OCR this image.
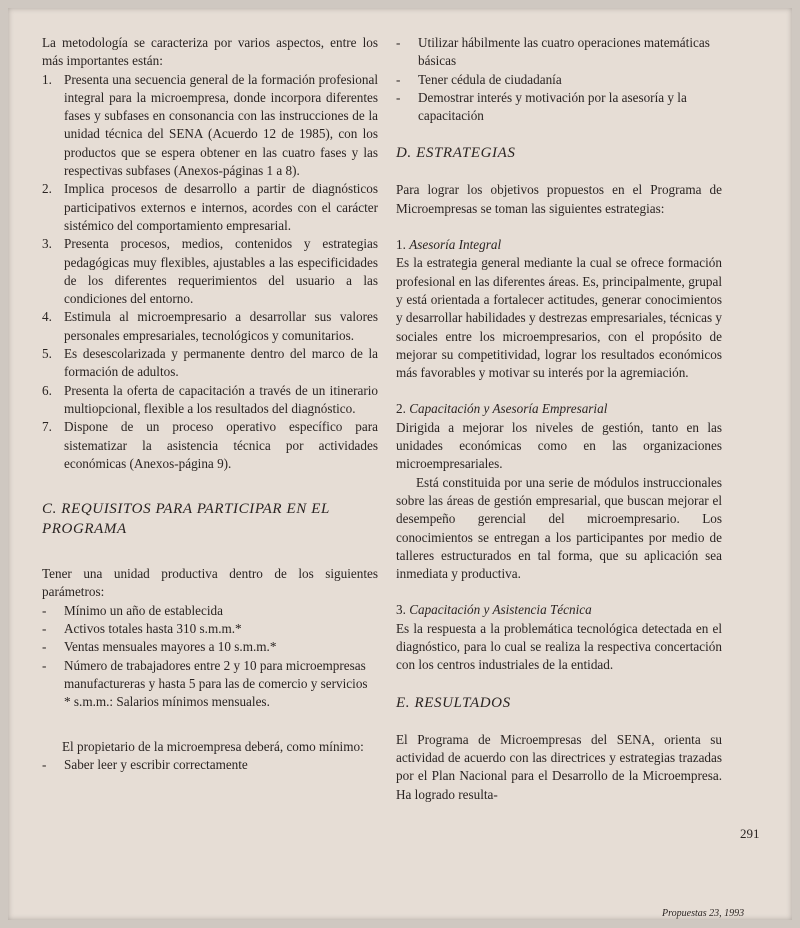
La metodología se caracteriza por varios aspectos, entre los más importantes están:

1. Presenta una secuencia general de la formación profesional integral para la microempresa, donde incorpora diferentes fases y subfases en consonancia con las instrucciones de la unidad técnica del SENA (Acuerdo 12 de 1985), con los productos que se espera obtener en las cuatro fases y las respectivas subfases (Anexos-páginas 1 a 8).
2. Implica procesos de desarrollo a partir de diagnósticos participativos externos e internos, acordes con el carácter sistémico del comportamiento empresarial.
3. Presenta procesos, medios, contenidos y estrategias pedagógicas muy flexibles, ajustables a las especificidades de los diferentes requerimientos del usuario a las condiciones del entorno.
4. Estimula al microempresario a desarrollar sus valores personales empresariales, tecnológicos y comunitarios.
5. Es desescolarizada y permanente dentro del marco de la formación de adultos.
6. Presenta la oferta de capacitación a través de un itinerario multiopcional, flexible a los resultados del diagnóstico.
7. Dispone de un proceso operativo específico para sistematizar la asistencia técnica por actividades económicas (Anexos-página 9).

C. REQUISITOS PARA PARTICIPAR EN EL PROGRAMA

Tener una unidad productiva dentro de los siguientes parámetros:

-	Mínimo un año de establecida
-	Activos totales hasta 310 s.m.m.*
-	Ventas mensuales mayores a 10 s.m.m.*
-	Número de trabajadores entre 2 y 10 para microempresas manufactureras y hasta 5 para las de comercio y servicios

* s.m.m.: Salarios mínimos mensuales.

El propietario de la microempresa deberá, como mínimo:

-	Saber leer y escribir correctamente
-	Utilizar hábilmente las cuatro operaciones matemáticas básicas
-	Tener cédula de ciudadanía
-	Demostrar interés y motivación por la asesoría y la capacitación

D. ESTRATEGIAS

Para lograr los objetivos propuestos en el Programa de Microempresas se toman las siguientes estrategias:

1. Asesoría Integral

Es la estrategia general mediante la cual se ofrece formación profesional en las diferentes áreas. Es, principalmente, grupal y está orientada a fortalecer actitudes, generar conocimientos y desarrollar habilidades y destrezas empresariales, técnicas y sociales entre los microempresarios, con el propósito de mejorar su competitividad, lograr los resultados económicos más favorables y motivar su interés por la agremiación.

2. Capacitación y Asesoría Empresarial

Dirigida a mejorar los niveles de gestión, tanto en las unidades económicas como en las organizaciones microempresariales.

Está constituida por una serie de módulos instruccionales sobre las áreas de gestión empresarial, que buscan mejorar el desempeño gerencial del microempresario. Los conocimientos se entregan a los participantes por medio de talleres estructurados en tal forma, que su aplicación sea inmediata y productiva.

3. Capacitación y Asistencia Técnica

Es la respuesta a la problemática tecnológica detectada en el diagnóstico, para lo cual se realiza la respectiva concertación con los centros industriales de la entidad.

E. RESULTADOS

El Programa de Microempresas del SENA, orienta su actividad de acuerdo con las directrices y estrategias trazadas por el Plan Nacional para el Desarrollo de la Microempresa. Ha logrado resulta-

291
Propuestas 23, 1993
